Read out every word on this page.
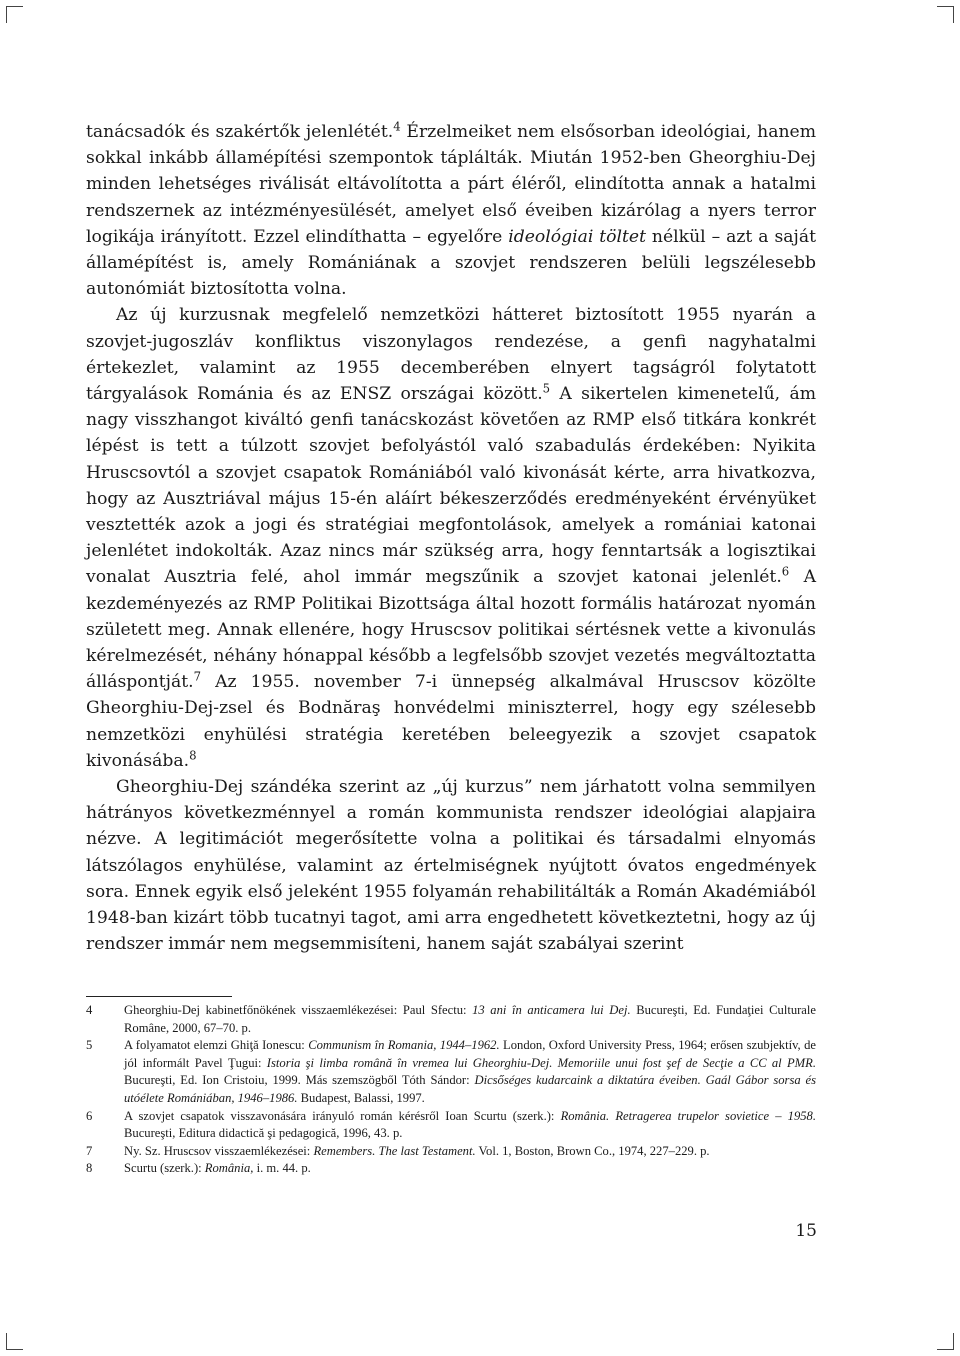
tanácsadók és szakértők jelenlétét.$^4$ Érzelmeiket nem elsősorban ideológiai, hanem sokkal inkább államépítési szempontok táplálták. Miután 1952-ben Gheorghiu-Dej minden lehetséges riválisát eltávolította a párt éléről, elindította annak a hatalmi rendszernek az intézményesülését, amelyet első éveiben kizárólag a nyers terror logikája irányított. Ezzel elindíthatta – egyelőre ideológiai töltet nélkül – azt a saját államépítést is, amely Romániának a szovjet rendszeren belüli legszélesebb autonómiát biztosította volna.

Az új kurzusnak megfelelő nemzetközi hátteret biztosított 1955 nyarán a szovjet-jugoszláv konfliktus viszonylagos rendezése, a genfi nagyhatalmi értekezlet, valamint az 1955 decemberében elnyert tagságról folytatott tárgyalások Románia és az ENSZ országai között.$^5$ A sikertelen kimenetelű, ám nagy visszhangot kiváltó genfi tanácskozást követően az RMP első titkára konkrét lépést is tett a túlzott szovjet befolyástól való szabadulás érdekében: Nyikita Hruscsovtól a szovjet csapatok Romániából való kivonását kérte, arra hivatkozva, hogy az Ausztriával május 15-én aláírt békeszerződés eredményeként érvényüket vesztették azok a jogi és stratégiai megfontolások, amelyek a romániai katonai jelenlétet indokolták. Azaz nincs már szükség arra, hogy fenntartsák a logisztikai vonalat Ausztria felé, ahol immár megszűnik a szovjet katonai jelenlét.$^6$ A kezdeményezés az RMP Politikai Bizottsága által hozott formális határozat nyomán született meg. Annak ellenére, hogy Hruscsov politikai sértésnek vette a kivonulás kérelmezését, néhány hónappal később a legfelsőbb szovjet vezetés megváltoztatta álláspontját.$^7$ Az 1955. november 7-i ünnepség alkalmával Hruscsov közölte Gheorghiu-Dej-zsel és Bodnăraş honvédelmi miniszterrel, hogy egy szélesebb nemzetközi enyhülési stratégia keretében beleegyezik a szovjet csapatok kivonásába.$^8$

Gheorghiu-Dej szándéka szerint az „új kurzus” nem járhatott volna semmilyen hátrányos következménnyel a román kommunista rendszer ideológiai alapjaira nézve. A legitimációt megerősítette volna a politikai és társadalmi elnyomás látszólagos enyhülése, valamint az értelmiségnek nyújtott óvatos engedmények sora. Ennek egyik első jeleként 1955 folyamán rehabilitálták a Román Akadémiából 1948-ban kizárt több tucatnyi tagot, ami arra engedhetett következtetni, hogy az új rendszer immár nem megsemmisíteni, hanem saját szabályai szerint

4	Gheorghiu-Dej kabinetfőnökének visszaemlékezései: Paul Sfectu: 13 ani în anticamera lui Dej. Bucureşti, Ed. Fundaţiei Culturale Române, 2000, 67–70. p.
5	A folyamatot elemzi Ghiţă Ionescu: Communism în Romania, 1944–1962. London, Oxford University Press, 1964; erősen szubjektív, de jól informált Pavel Ţugui: Istoria şi limba română în vremea lui Gheorghiu-Dej. Memoriile unui fost şef de Secţie a CC al PMR. Bucureşti, Ed. Ion Cristoiu, 1999. Más szemszögből Tóth Sándor: Dicsőséges kudarcaink a diktatúra éveiben. Gaál Gábor sorsa és utóélete Romániában, 1946–1986. Budapest, Balassi, 1997.
6	A szovjet csapatok visszavonására irányuló román kérésről Ioan Scurtu (szerk.): România. Retragerea trupelor sovietice – 1958. Bucureşti, Editura didactică şi pedagogică, 1996, 43. p.
7	Ny. Sz. Hruscsov visszaemlékezései: Remembers. The last Testament. Vol. 1, Boston, Brown Co., 1974, 227–229. p.
8	Scurtu (szerk.): România, i. m. 44. p.
15
